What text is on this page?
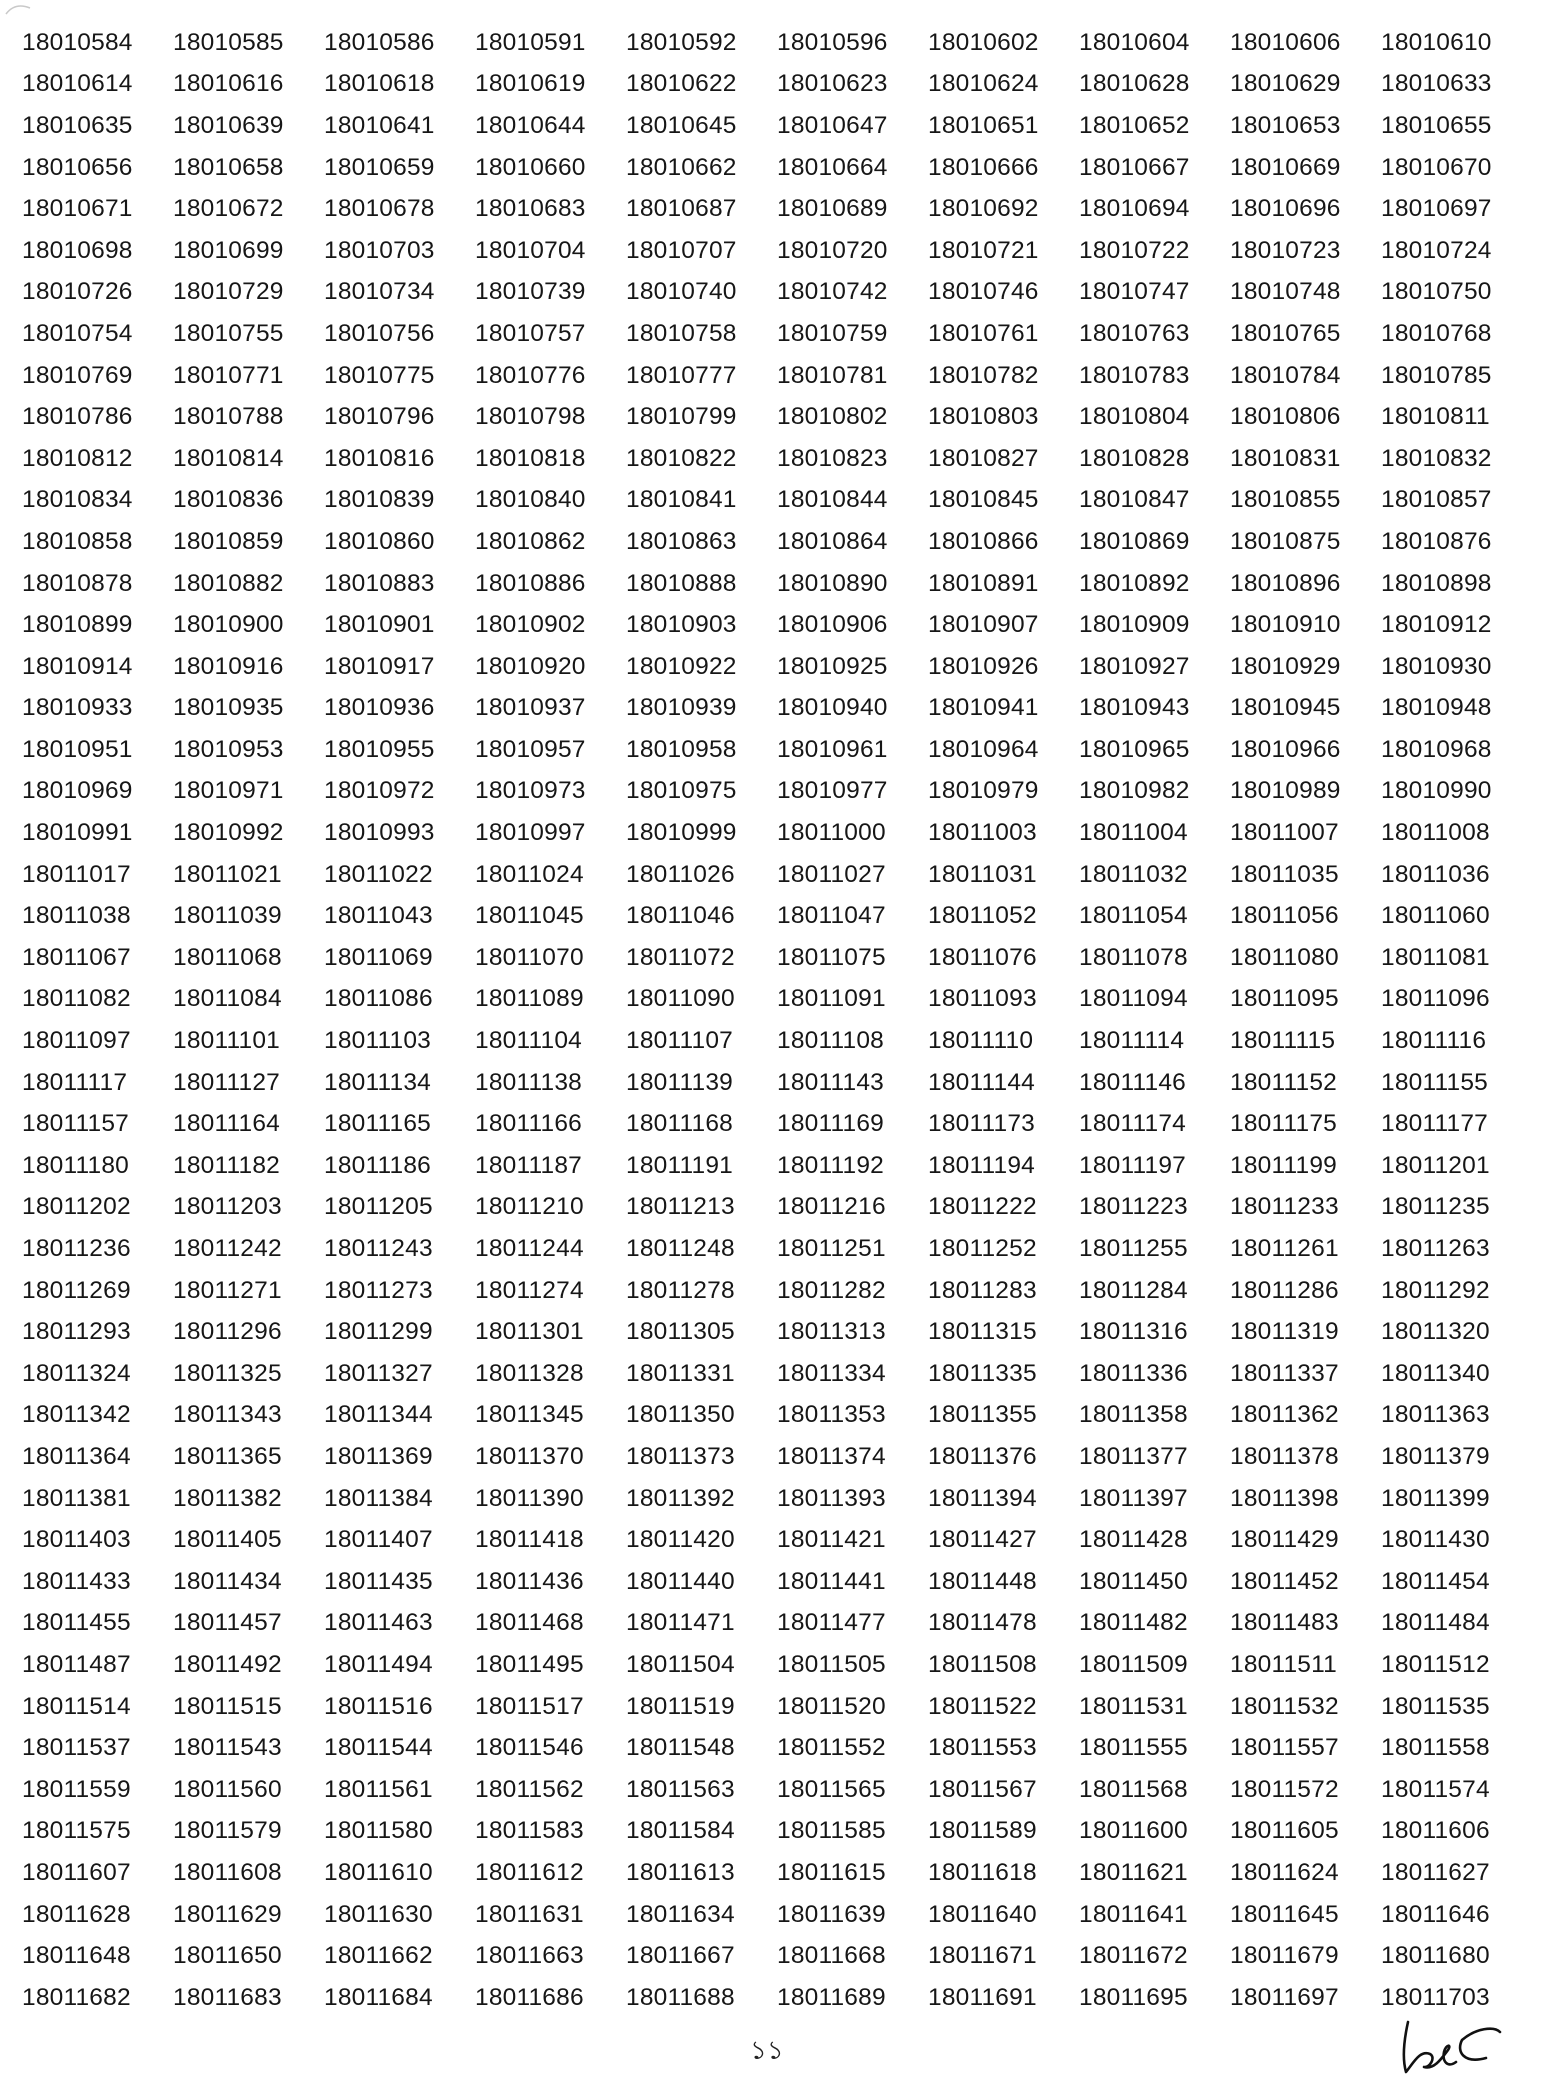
18010584	18010585	18010586	18010591	18010592	18010596	18010602	18010604	18010606	18010610
18010614	18010616	18010618	18010619	18010622	18010623	18010624	18010628	18010629	18010633
18010635	18010639	18010641	18010644	18010645	18010647	18010651	18010652	18010653	18010655
18010656	18010658	18010659	18010660	18010662	18010664	18010666	18010667	18010669	18010670
18010671	18010672	18010678	18010683	18010687	18010689	18010692	18010694	18010696	18010697
18010698	18010699	18010703	18010704	18010707	18010720	18010721	18010722	18010723	18010724
18010726	18010729	18010734	18010739	18010740	18010742	18010746	18010747	18010748	18010750
18010754	18010755	18010756	18010757	18010758	18010759	18010761	18010763	18010765	18010768
18010769	18010771	18010775	18010776	18010777	18010781	18010782	18010783	18010784	18010785
18010786	18010788	18010796	18010798	18010799	18010802	18010803	18010804	18010806	18010811
18010812	18010814	18010816	18010818	18010822	18010823	18010827	18010828	18010831	18010832
18010834	18010836	18010839	18010840	18010841	18010844	18010845	18010847	18010855	18010857
18010858	18010859	18010860	18010862	18010863	18010864	18010866	18010869	18010875	18010876
18010878	18010882	18010883	18010886	18010888	18010890	18010891	18010892	18010896	18010898
18010899	18010900	18010901	18010902	18010903	18010906	18010907	18010909	18010910	18010912
18010914	18010916	18010917	18010920	18010922	18010925	18010926	18010927	18010929	18010930
18010933	18010935	18010936	18010937	18010939	18010940	18010941	18010943	18010945	18010948
18010951	18010953	18010955	18010957	18010958	18010961	18010964	18010965	18010966	18010968
18010969	18010971	18010972	18010973	18010975	18010977	18010979	18010982	18010989	18010990
18010991	18010992	18010993	18010997	18010999	18011000	18011003	18011004	18011007	18011008
18011017	18011021	18011022	18011024	18011026	18011027	18011031	18011032	18011035	18011036
18011038	18011039	18011043	18011045	18011046	18011047	18011052	18011054	18011056	18011060
18011067	18011068	18011069	18011070	18011072	18011075	18011076	18011078	18011080	18011081
18011082	18011084	18011086	18011089	18011090	18011091	18011093	18011094	18011095	18011096
18011097	18011101	18011103	18011104	18011107	18011108	18011110	18011114	18011115	18011116
18011117	18011127	18011134	18011138	18011139	18011143	18011144	18011146	18011152	18011155
18011157	18011164	18011165	18011166	18011168	18011169	18011173	18011174	18011175	18011177
18011180	18011182	18011186	18011187	18011191	18011192	18011194	18011197	18011199	18011201
18011202	18011203	18011205	18011210	18011213	18011216	18011222	18011223	18011233	18011235
18011236	18011242	18011243	18011244	18011248	18011251	18011252	18011255	18011261	18011263
18011269	18011271	18011273	18011274	18011278	18011282	18011283	18011284	18011286	18011292
18011293	18011296	18011299	18011301	18011305	18011313	18011315	18011316	18011319	18011320
18011324	18011325	18011327	18011328	18011331	18011334	18011335	18011336	18011337	18011340
18011342	18011343	18011344	18011345	18011350	18011353	18011355	18011358	18011362	18011363
18011364	18011365	18011369	18011370	18011373	18011374	18011376	18011377	18011378	18011379
18011381	18011382	18011384	18011390	18011392	18011393	18011394	18011397	18011398	18011399
18011403	18011405	18011407	18011418	18011420	18011421	18011427	18011428	18011429	18011430
18011433	18011434	18011435	18011436	18011440	18011441	18011448	18011450	18011452	18011454
18011455	18011457	18011463	18011468	18011471	18011477	18011478	18011482	18011483	18011484
18011487	18011492	18011494	18011495	18011504	18011505	18011508	18011509	18011511	18011512
18011514	18011515	18011516	18011517	18011519	18011520	18011522	18011531	18011532	18011535
18011537	18011543	18011544	18011546	18011548	18011552	18011553	18011555	18011557	18011558
18011559	18011560	18011561	18011562	18011563	18011565	18011567	18011568	18011572	18011574
18011575	18011579	18011580	18011583	18011584	18011585	18011589	18011600	18011605	18011606
18011607	18011608	18011610	18011612	18011613	18011615	18011618	18011621	18011624	18011627
18011628	18011629	18011630	18011631	18011634	18011639	18011640	18011641	18011645	18011646
18011648	18011650	18011662	18011663	18011667	18011668	18011671	18011672	18011679	18011680
18011682	18011683	18011684	18011686	18011688	18011689	18011691	18011695	18011697	18011703
১১
